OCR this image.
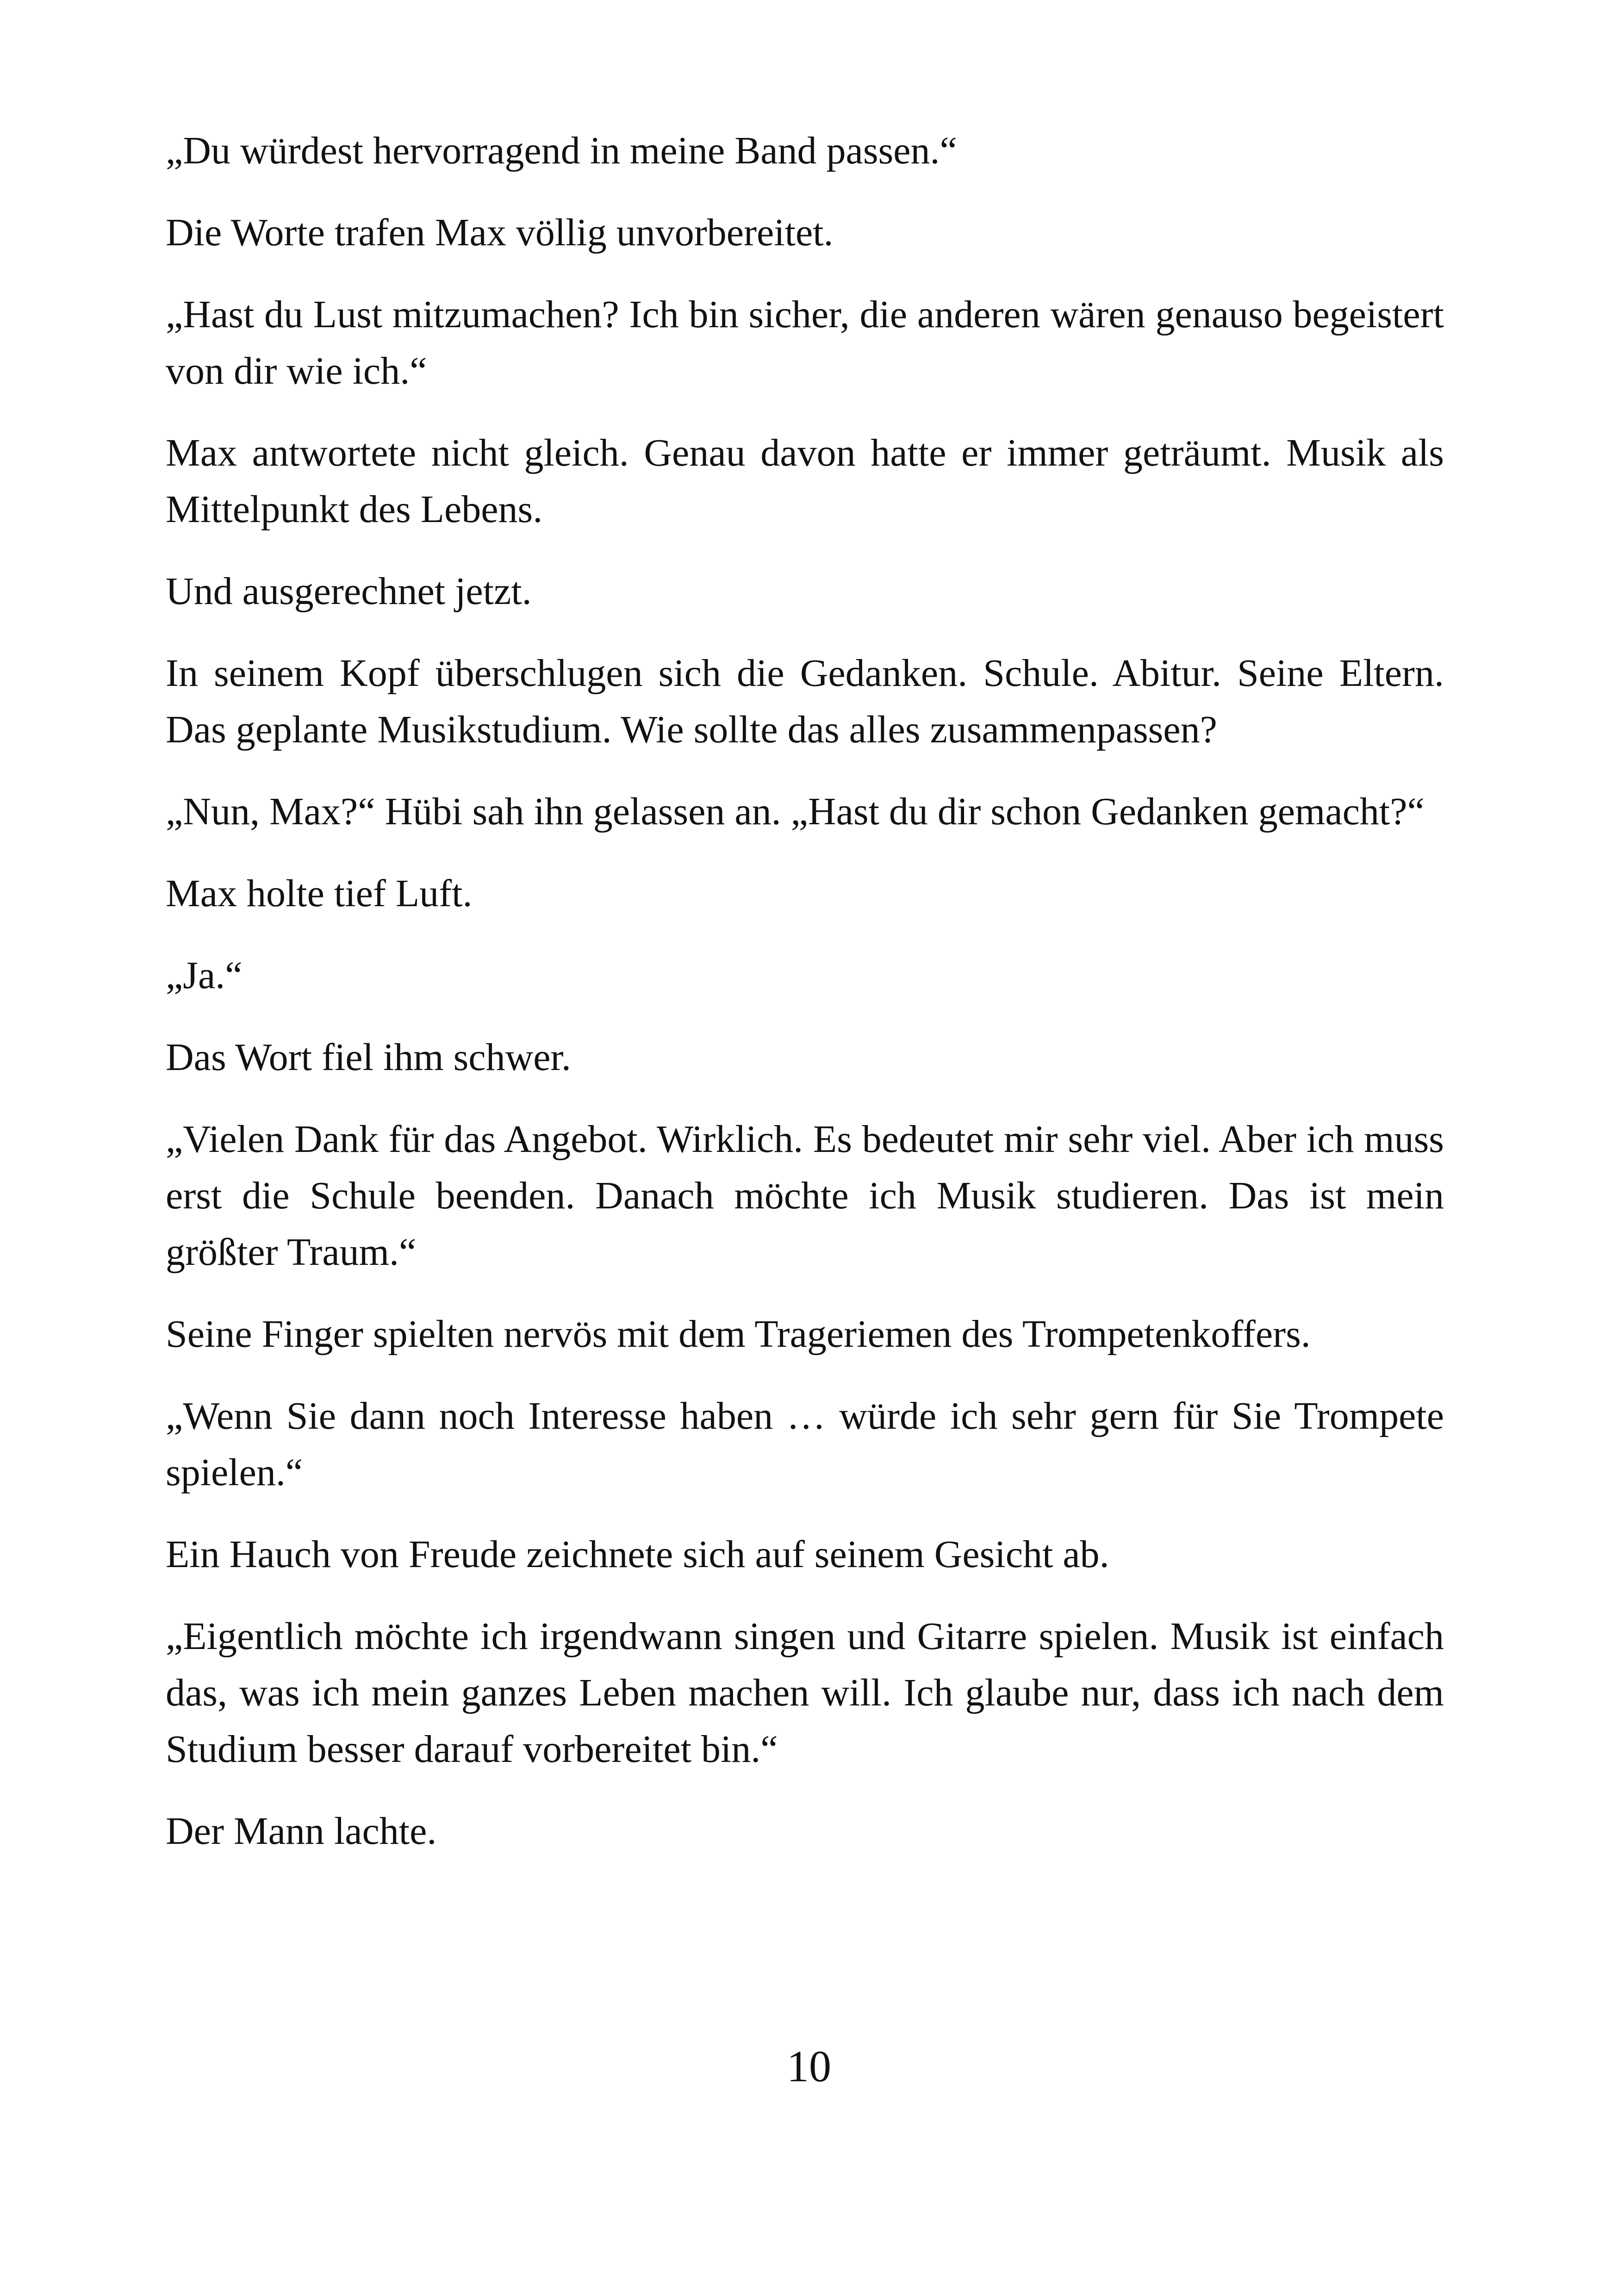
„Du würdest hervorragend in meine Band passen.“

Die Worte trafen Max völlig unvorbereitet.

„Hast du Lust mitzumachen? Ich bin sicher, die anderen wären genauso begeistert von dir wie ich.“

Max antwortete nicht gleich. Genau davon hatte er immer geträumt. Musik als Mittelpunkt des Lebens.

Und ausgerechnet jetzt.

In seinem Kopf überschlugen sich die Gedanken. Schule. Abitur. Seine Eltern. Das geplante Musikstudium. Wie sollte das alles zusammenpassen?

„Nun, Max?“ Hübi sah ihn gelassen an. „Hast du dir schon Gedanken gemacht?“

Max holte tief Luft.

„Ja.“

Das Wort fiel ihm schwer.

„Vielen Dank für das Angebot. Wirklich. Es bedeutet mir sehr viel. Aber ich muss erst die Schule beenden. Danach möchte ich Musik studieren. Das ist mein größter Traum.“

Seine Finger spielten nervös mit dem Trageriemen des Trompetenkoffers.

„Wenn Sie dann noch Interesse haben … würde ich sehr gern für Sie Trompete spielen.“

Ein Hauch von Freude zeichnete sich auf seinem Gesicht ab.

„Eigentlich möchte ich irgendwann singen und Gitarre spielen. Musik ist einfach das, was ich mein ganzes Leben machen will. Ich glaube nur, dass ich nach dem Studium besser darauf vorbereitet bin.“

Der Mann lachte.

10
